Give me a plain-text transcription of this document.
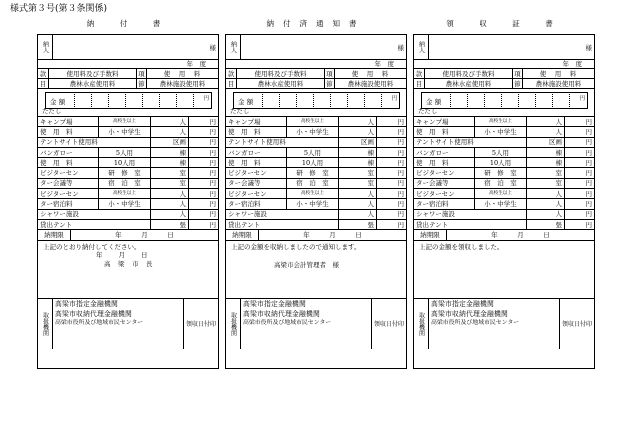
様式第３号(第３条関係)
納　付　書
納人	様
年　度
款	使用料及び手数料	項	使　用　料
目	農林水産使用料	節	農林施設使用料
金 額	円
ただし
キャンプ場	高校生以上	人	円
使　用　料	小・中学生	人	円
テントサイト使用料	区画	円
バンガロー	5人用	棟	円
使　用　料	10人用	棟	円
ビジターセン	研　修　室	室	円
ター会議等	宿　泊　室	室	円
ビジターセン	高校生以上	人	円
ター宿泊料	小・中学生	人	円
シャワー施設	人	円
貸出テント	張	円
納期限	年　　　月　　　日
上記のとおり納付してください。
年　　月　　日
高　梁　市　長
取扱機関
高梁市指定金融機関
高梁市収納代理金融機関
高梁市役所及び地域市民センター	領収日付印
納付済通知書
納人	様
年　度
款	使用料及び手数料	項	使　用　料
目	農林水産使用料	節	農林施設使用料
金 額	円
ただし
キャンプ場	高校生以上	人	円
使　用　料	小・中学生	人	円
テントサイト使用料	区画	円
バンガロー	5人用	棟	円
使　用　料	10人用	棟	円
ビジターセン	研　修　室	室	円
ター会議等	宿　泊　室	室	円
ビジターセン	高校生以上	人	円
ター宿泊料	小・中学生	人	円
シャワー施設	人	円
貸出テント	張	円
納期限	年　　　月　　　日
上記の金額を収納しましたので通知します。
高梁市会計管理者　様
取扱機関
高梁市指定金融機関
高梁市収納代理金融機関
高梁市役所及び地域市民センター	領収日付印
領　収　証　書
納人	様
年　度
款	使用料及び手数料	項	使　用　料
目	農林水産使用料	節	農林施設使用料
金 額	円
ただし
キャンプ場	高校生以上	人	円
使　用　料	小・中学生	人	円
テントサイト使用料	区画	円
バンガロー	5人用	棟	円
使　用　料	10人用	棟	円
ビジターセン	研　修　室	室	円
ター会議等	宿　泊　室	室	円
ビジターセン	高校生以上	人	円
ター宿泊料	小・中学生	人	円
シャワー施設	人	円
貸出テント	張	円
納期限	年　　　月　　　日
上記の金額を領収しました。
取扱機関
高梁市指定金融機関
高梁市収納代理金融機関
高梁市役所及び地域市民センター	領収日付印
